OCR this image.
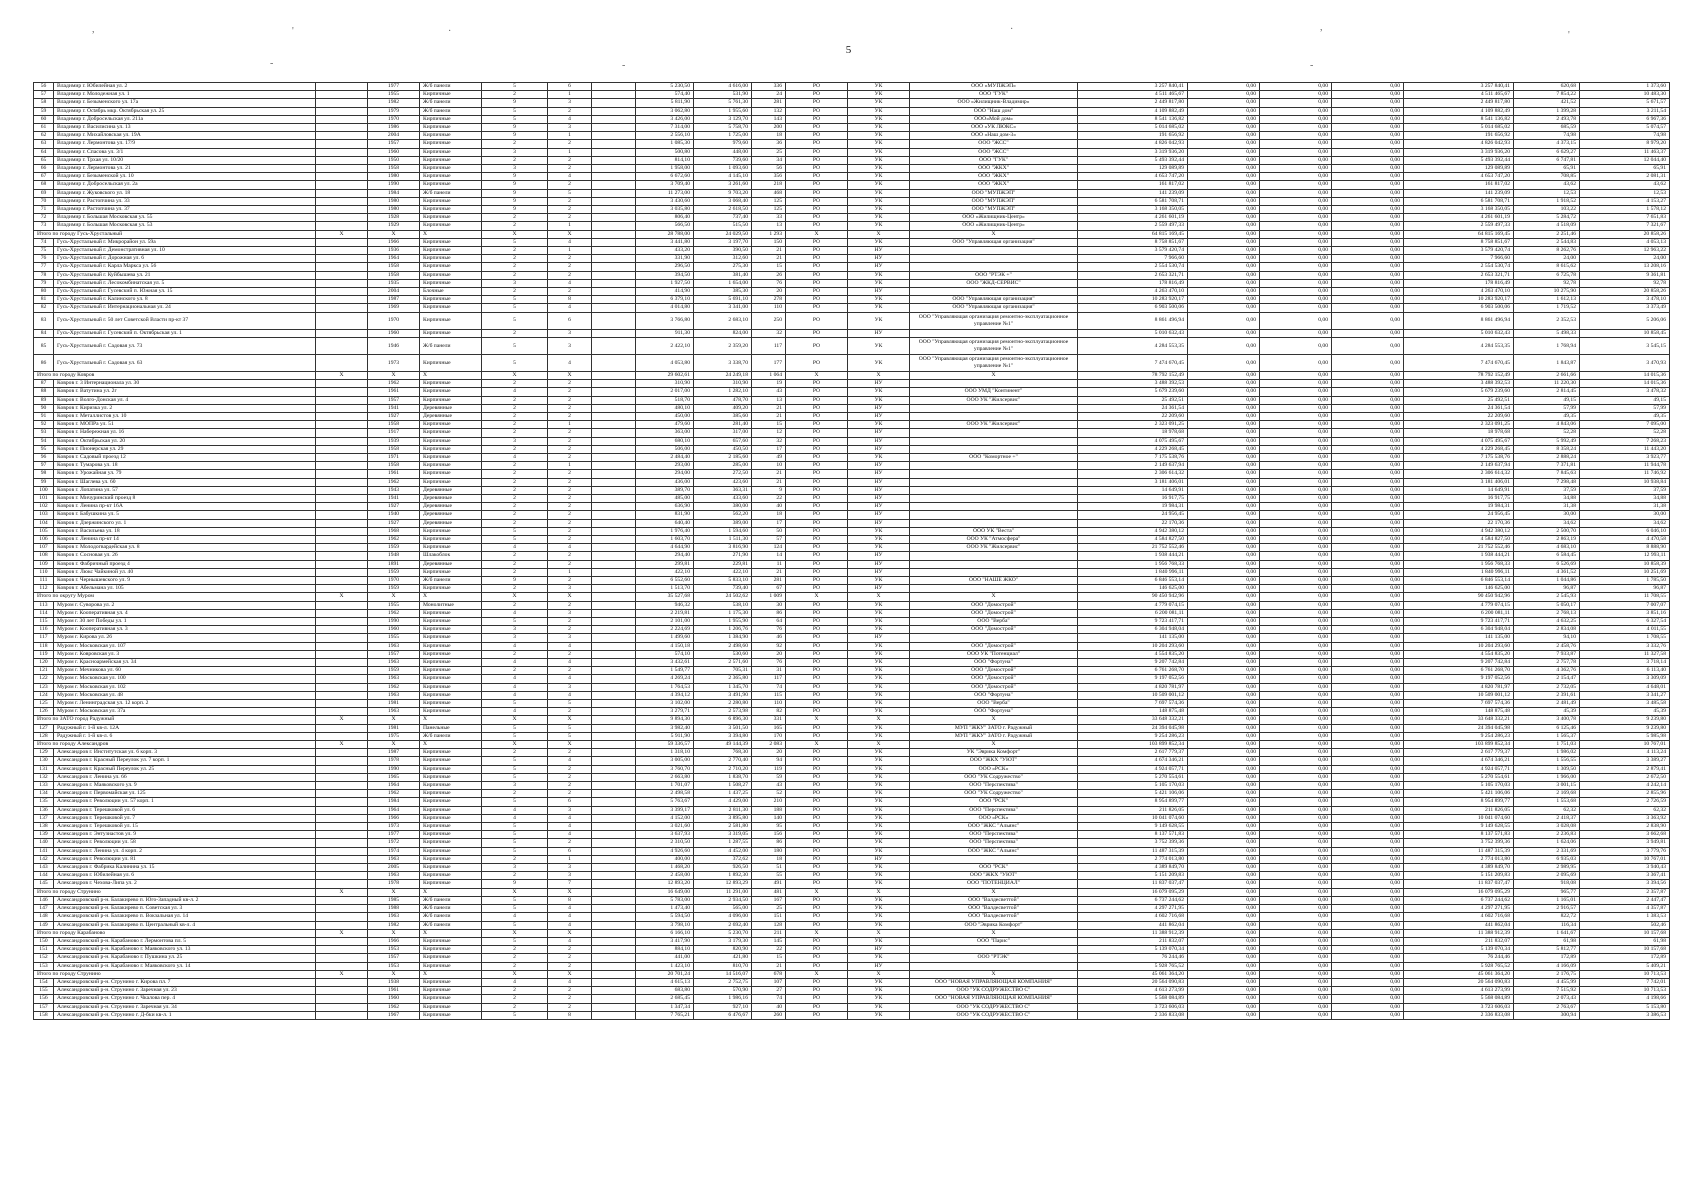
5
,	'	·	·	,
'
-	-	-
56	Владимир г. Юбилейная ул. 2		1977	Ж/б панели	5	6		5 230,50	4 616,00	336	РО	УК	ООО «МУПЖЭП»	3 257 840,41	0,00	0,00	0,00	3 257 840,41	620,68	1 373,60
57	Владимир г. Молодежная ул. 1		1955	Кирпичные	2	1		574,40	531,90	24	РО	УК	ООО "ГУК"	4 511 465,67	0,00	0,00	0,00	4 511 465,67	7 854,22	10 483,30
58	Владимир г. Безыменского ул. 17а		1982	Ж/б панели	9	3		5 811,90	5 761,30	281	РО	УК	ООО «Жилищник-Владимир»	2 449 817,80	0,00	0,00	0,00	2 449 817,80	421,52	5 671,57
59	Владимир г. Octябрь мкр. Октябрьская ул. 25		1979	Ж/б панели	5	2		3 062,80	1 955,60	132	РО	УК	ООО "Наш дом"	4 109 882,49	0,00	0,00	0,00	4 109 882,49	1 399,28	3 211,54
60	Владимир г. Добросельская ул. 211а		1970	Кирпичные	5	4		3 426,00	3 129,70	143	РО	УК	ООО«Мой дом»	8 541 136,82	0,00	0,00	0,00	8 541 136,82	2 493,78	6 967,36
61	Владимир г. Василисина ул. 13		1986	Кирпичные	9	3		7 314,00	5 758,70	200	РО	УК	ООО «УК ЛЮКС»	5 014 685,02	0,00	0,00	0,00	5 014 685,02	685,59	5 074,57
62	Владимир г. Михайловская ул. 19А		2004	Кирпичные	9	1		2 556,10	1 725,00	18	РО	УК	ООО «Наш дом-3»	191 656,92	0,00	0,00	0,00	191 656,92	74,98	74,98
63	Владимир г. Лермонтова ул. 17/9		1957	Кирпичные	2	2		1 085,30	979,60	36	РО	УК	ООО "ЖСС"	4 826 042,93	0,00	0,00	0,00	4 826 042,93	4 373,15	8 979,20
64	Владимир г. Спасова ул. 3/1		1960	Кирпичные	3	1		500,80	448,00	25	РО	УК	ООО "ЖСС"	3 319 936,20	0,00	0,00	0,00	3 319 936,20	6 629,27	11 463,37
65	Владимир г. Трхая ул. 10/20		1950	Кирпичные	2	2		814,10	739,60	34	РО	УК	ООО "ГУК"	5 493 392,44	0,00	0,00	0,00	5 493 392,44	6 747,81	12 044,40
66	Владимир г. Лермонтова ул. 21		1958	Кирпичные	3	2		1 958,00	1 093,60	56	РО	УК	ООО "ЖКХ"	129 089,89	0,00	0,00	0,00	129 089,89	65,91	65,91
67	Владимир г. Безыменской ул. 10		1980	Кирпичные	9	4		6 672,60	4 145,10	356	РО	УК	ООО "ЖКХ"	4 653 747,20	0,00	0,00	0,00	4 653 747,20	708,85	2 081,31
68	Владимир г. Добросельская ул. 2а		1990	Кирпичные	9	2		3 709,40	3 261,60	218	РО	УК	ООО "ЖКХ"	161 817,02	0,00	0,00	0,00	161 817,02	43,62	43,62
69	Владимир г. Жуковского ул. 18		1984	Ж/б панели	9	5		11 273,00	9 703,20	468	РО	УК	ООО "МУПЖЭП"	141 239,09	0,00	0,00	0,00	141 239,09	12,53	12,53
70	Владимир г. Растопчина ул. 33		1980	Кирпичные	9	2		3 430,60	3 068,40	125	РО	УК	ООО "МУПЖЭП"	6 581 708,71	0,00	0,00	0,00	6 581 708,71	1 918,52	4 153,27
71	Владимир г. Растопчина ул. 37		1980	Кирпичные	9	2		3 035,80	2 618,50	125	РО	УК	ООО "МУПЖЭП"	3 168 350,05	0,00	0,00	0,00	3 168 350,05	103,22	1 578,12
72	Владимир г. Большая Московская ул. 55		1928	Кирпичные	2	2		806,40	737,40	33	РО	УК	ООО «Жилищник-Центр»	4 261 601,19	0,00	0,00	0,00	4 261 601,19	5 284,72	7 651,83
73	Владимир г. Большая Московская ул. 53		1929	Кирпичные	2	1		566,50	515,50	13	РО	УК	ООО «Жилищник-Центр»	2 559 497,33	0,00	0,00	0,00	2 559 497,33	4 518,09	7 321,67
Итого по городу Гусь-Хрустальный		X	X	X	X	X		28 788,00	24 029,50	1 293	X	X	X	64 815 169,45	0,00	0,00	0,00	64 815 169,45	2 251,46	20 858,26
74	Гусь-Хрустальный г. Микрорайон ул. 59а		1966	Кирпичные	5	4		3 441,80	3 197,70	150	РО	УК	ООО "Управляющая организация"	8 758 851,67	0,00	0,00	0,00	8 758 851,67	2 544,83	4 053,13
75	Гусь-Хрустальный г. Демонстративная ул. 10		1936	Кирпичные	2	1		433,20	390,50	21	РО	НУ		3 579 420,74	0,00	0,00	0,00	3 579 420,74	8 262,76	12 963,22
76	Гусь-Хрустальный г. Дорожная ул. 6		1964	Кирпичные	2	2		331,90	312,60	21	РО	НУ		7 966,60	0,00	0,00	0,00	7 966,60	24,00	24,00
77	Гусь-Хрустальный г. Карла Маркса ул. 56		1958	Кирпичные	2	2		296,50	275,30	15	РО	НУ		2 554 530,74	0,00	0,00	0,00	2 554 530,74	8 615,62	13 208,16
78	Гусь-Хрустальный г. Куйбышева ул. 21		1958	Кирпичные	2	2		394,50	381,40	26	РО	УК	ООО "РТЭК +"	2 653 321,71	0,00	0,00	0,00	2 653 321,71	6 725,78	9 361,81
79	Гусь-Хрустальный г. Лесокомбинатская ул. 5		1935	Кирпичные	3	4		1 927,50	1 654,00	76	РО	УК	ООО "ЖКД-СЕРВИС"	178 816,49	0,00	0,00	0,00	178 816,49	92,78	92,78
80	Гусь-Хрустальный г. Гусевский п. Южная ул. 15		2004	Блочные	2	2		414,90	385,30	20	РО	НУ		4 263 470,10	0,00	0,00	0,00	4 263 470,10	10 275,90	20 858,26
81	Гусь-Хрустальный г. Калинского ул. 8		1987	Кирпичные	5	8		6 379,10	5 691,10	278	РО	УК	ООО "Управляющая организация"	10 283 920,17	0,00	0,00	0,00	10 283 920,17	1 612,13	3 478,10
82	Гусь-Хрустальный г. Интернациональная ул. 24		1969	Кирпичные	5	4		4 014,80	3 341,00	110	РО	УК	ООО "Управляющая организация"	6 903 500,06	0,00	0,00	0,00	6 903 500,06	1 719,52	3 373,49
83	Гусь-Хрустальный г. 50 лет Советской Власти пр-кт 37		1970	Кирпичные	5	6		3 766,80	2 683,10	250	РО	УК	ООО "Управляющая организация ремонтно-эксплуатационное управление №1"	8 861 496,94	0,00	0,00	0,00	8 861 496,94	2 352,53	5 206,06
84	Гусь-Хрустальный г. Гусевский п. Октябрьская ул. 1		1960	Кирпичные	2	3		911,30	824,00	32	РО	НУ		5 010 632,43	0,00	0,00	0,00	5 010 632,43	5 498,33	10 858,45
85	Гусь-Хрустальный г. Садовая ул. 73		1946	Ж/б панели	5	3		2 422,10	2 359,20	117	РО	УК	ООО "Управляющая организация ремонтно-эксплуатационное управление №1"	4 284 553,35	0,00	0,00	0,00	4 284 553,35	1 768,94	3 545,15
86	Гусь-Хрустальный г. Садовая ул. 63		1973	Кирпичные	5	4		4 053,80	3 338,70	177	РО	УК	ООО "Управляющая организация ремонтно-эксплуатационное управление №1"	7 474 670,45	0,00	0,00	0,00	7 474 670,45	1 843,87	3 470,93
Итого по городу Ковров		X	X	X	X	X		29 602,61	24 249,18	1 064	X	X	X	78 792 152,49	0,00	0,00	0,00	78 792 152,49	2 661,66	14 015,36
87	Ковров г. 3 Интернационала ул. 30		1962	Кирпичные	2	2		310,90	310,90	19	РО	НУ		3 488 392,53	0,00	0,00	0,00	3 488 392,53	11 220,30	14 015,36
88	Ковров г. Ватутина ул. 2г		1961	Кирпичные	4	2		2 017,00	1 282,10	43	РО	УК	ООО УМД "Континент"	5 679 239,60	0,00	0,00	0,00	5 679 239,60	2 814,45	3 478,32
89	Ковров г. Волго-Донская ул. 4		1957	Кирпичные	2	2		518,70	478,70	13	РО	УК	ООО УК "Жилсервис"	25 492,51	0,00	0,00	0,00	25 492,51	49,15	49,15
90	Ковров г. Киризка ул. 2		1941	Деревянные	2	2		480,10	409,20	21	РО	НУ		24 361,54	0,00	0,00	0,00	24 361,54	57,99	57,99
91	Ковров г. Металлистов ул. 10		1927	Деревянные	2	2		450,00	385,60	21	РО	НУ		22 209,60	0,00	0,00	0,00	22 209,60	49,35	49,35
92	Ковров г. МОПРа ул. 51		1958	Кирпичные	2	1		479,60	281,40	15	РО	УК	ООО УК "Жилсервис"	2 323 091,25	0,00	0,00	0,00	2 323 091,25	4 843,06	7 095,00
93	Ковров г. Набережная ул. 16		1917	Кирпичные	2	2		363,00	317,00	12	РО	НУ		18 978,68	0,00	0,00	0,00	18 978,68	52,28	52,28
94	Ковров г. Октябрьская ул. 20		1939	Кирпичные	3	2		680,10	657,60	32	РО	НУ		4 075 495,67	0,00	0,00	0,00	4 075 495,67	5 992,49	7 268,23
95	Ковров г. Пионерская ул. 29		1958	Кирпичные	2	2		506,00	450,50	17	РО	НУ		4 229 268,45	0,00	0,00	0,00	4 229 268,45	8 358,24	11 443,20
96	Ковров г. Садовый проезд 12		1971	Кирпичные	4	2		2 484,40	2 185,60	49	РО	УК	ООО "Комортное +"	7 175 538,76	0,00	0,00	0,00	7 175 538,76	2 888,24	3 923,77
97	Ковров г. Тумарова ул. 18		1958	Кирпичные	2	1		293,00	285,00	10	РО	НУ		2 149 637,94	0,00	0,00	0,00	2 149 637,94	7 371,81	11 944,78
98	Ковров г. Урожайная ул. 79		1961	Кирпичные	2	2		294,00	272,50	21	РО	НУ		2 306 614,32	0,00	0,00	0,00	2 306 614,32	7 845,63	11 746,92
99	Ковров г. Шаглева ул. 60		1962	Кирпичные	2	2		436,00	423,60	21	РО	НУ		3 181 406,01	0,00	0,00	0,00	3 181 406,01	7 298,48	10 938,84
100	Ковров г. Лопатина ул. 57		1943	Деревянные	2	2		389,70	363,31	9	РО	НУ		14 649,91	0,00	0,00	0,00	14 649,91	37,59	37,59
101	Ковров г. Мичуринский проезд 8		1941	Деревянные	2	2		485,00	433,60	22	РО	НУ		16 917,75	0,00	0,00	0,00	16 917,75	34,88	34,88
102	Ковров г. Ленина пр-кт 16А		1927	Деревянные	2	2		636,90	380,00	40	РО	НУ		19 984,31	0,00	0,00	0,00	19 984,31	31,38	31,38
103	Ковров г. Бабушкина ул. 5		1940	Деревянные	2	2		831,90	562,20	18	РО	НУ		24 956,45	0,00	0,00	0,00	24 956,45	30,00	30,00
104	Ковров г. Дзержинского ул. 1		1927	Деревянные	2	2		640,40	389,00	17	РО	НУ		22 170,36	0,00	0,00	0,00	22 170,36	34,62	34,62
105	Ковров г. Васильева ул. 18		1968	Кирпичные	5	2		1 976,40	1 594,60	50	РО	УК	ООО УК "Веста"	4 942 380,12	0,00	0,00	0,00	4 942 380,12	2 500,70	6 046,10
106	Ковров г. Ленина пр-кт 14		1962	Кирпичные	5	2		1 603,70	1 511,30	57	РО	УК	ООО УК "Атмосфера"	4 584 827,50	0,00	0,00	0,00	4 584 827,50	2 863,19	4 470,58
107	Ковров г. Молодогвардейская ул. 8		1959	Кирпичные	4	4		4 644,90	3 816,90	124	РО	УК	ООО УК "Жилсервис"	21 752 552,46	0,00	0,00	0,00	21 752 552,46	4 683,10	8 888,90
108	Ковров г. Сосновая ул. 26		1948	Шлакоблок	2	2		294,40	271,90	14	РО	НУ		1 938 444,21	0,00	0,00	0,00	1 938 444,21	6 584,45	12 993,11
109	Ковров г. Фабричный проезд 4		1891	Деревянные	2	2		299,81	229,81	11	РО	НУ		1 956 768,33	0,00	0,00	0,00	1 956 768,33	6 526,69	10 858,39
110	Ковров г. Люкс Чайкиной ул. 40		1959	Кирпичные	2	1		422,10	422,10	21	РО	НУ		1 840 996,11	0,00	0,00	0,00	1 840 996,11	4 361,52	10 251,69
111	Ковров г. Чернышевского ул. 9		1970	Ж/б панели	9	2		6 552,60	5 833,10	281	РО	УК	ООО "НАШЕ ЖКО"	6 846 553,14	0,00	0,00	0,00	6 846 553,14	1 044,86	1 785,50
112	Ковров г. Абельмана ул. 105		1959	Кирпичные	2	3		1 513,70	739,40	67	РО	НУ		146 625,00	0,00	0,00	0,00	146 625,00	96,87	96,87
Итого по округу Муром		X	X	X	X	X		35 527,68	24 502,62	1 009	X	X	X	90 450 942,96	0,00	0,00	0,00	90 450 942,96	2 545,93	11 708,55
113	Муром г. Суворова ул. 2		1955	Монолитные	2	2		946,32	538,10	30	РО	УК	ООО "Домострой"	4 779 074,15	0,00	0,00	0,00	4 779 074,15	5 050,17	7 007,07
114	Муром г. Кооперативная ул. 4		1962	Кирпичные	4	3		2 219,81	1 175,30	86	РО	УК	ООО "Домострой"	6 200 081,11	0,00	0,00	0,00	6 200 081,11	2 768,13	3 851,16
115	Муром г. 30 лет Победы ул. 1		1990	Кирпичные	5	2		2 101,00	1 955,90	64	РО	УК	ООО "Верба"	9 723 417,71	0,00	0,00	0,00	9 723 417,71	4 632,25	6 327,54
116	Муром г. Кооперативная ул. 3		1960	Кирпичные	3	2		2 224,69	1 206,76	76	РО	УК	ООО "Домострой"	6 304 948,04	0,00	0,00	0,00	6 304 948,04	2 834,08	4 011,55
117	Муром г. Кирова ул. 26		1955	Кирпичные	3	3		1 499,60	1 384,90	46	РО	НУ		141 135,00	0,00	0,00	0,00	141 135,00	94,10	1 708,55
118	Муром г. Московская ул. 107		1963	Кирпичные	4	4		4 150,18	2 498,60	92	РО	УК	ООО "Домострой"	10 204 293,60	0,00	0,00	0,00	10 204 293,60	2 458,76	3 332,76
119	Муром г. Ковровская ул. 3		1957	Кирпичные	2	2		574,10	530,60	20	РО	УК	ООО УК "Потенциал"	4 554 835,20	0,00	0,00	0,00	4 554 835,20	7 933,87	11 327,58
120	Муром г. Красноармейская ул. 34		1963	Кирпичные	4	4		3 432,61	2 571,60	76	РО	УК	ООО "Фортуна"	9 207 742,84	0,00	0,00	0,00	9 207 742,84	2 757,78	3 718,14
121	Муром г. Мечникова ул. 60		1959	Кирпичные	2	2		1 549,77	705,31	31	РО	УК	ООО "Домострой"	6 761 268,70	0,00	0,00	0,00	6 761 268,70	4 362,76	6 113,40
122	Муром г. Московская ул. 100		1963	Кирпичные	4	4		4 269,24	2 365,80	117	РО	УК	ООО "Домострой"	9 197 052,56	0,00	0,00	0,00	9 197 052,56	2 154,47	3 309,09
123	Муром г. Московская ул. 102		1962	Кирпичные	4	3		1 764,53	1 345,70	74	РО	УК	ООО "Домострой"	4 820 781,97	0,00	0,00	0,00	4 820 781,97	2 732,05	4 648,01
124	Муром г. Московская ул. 48		1963	Кирпичные	4	4		4 394,12	3 491,90	115	РО	УК	ООО "Фортуна"	10 509 001,12	0,00	0,00	0,00	10 509 001,12	2 391,61	3 341,27
125	Муром г. Ленинградская ул. 12 корп. 2		1981	Кирпичные	5	5		3 102,00	2 280,80	110	РО	УК	ООО "Верба"	7 697 574,36	0,00	0,00	0,00	7 697 574,36	2 481,49	3 485,58
126	Муром г. Московская ул. 37а		1963	Кирпичные	4	2		3 279,71	2 573,98	82	РО	УК	ООО "Фортуна"	148 875,48	0,00	0,00	0,00	148 875,48	45,39	45,39
Итого по ЗАТО город Радужный		X	X	X	X	X		9 894,30	6 896,30	331	X	X	X	33 648 332,21	0,00	0,00	0,00	33 648 332,21	3 400,78	9 239,80
127	Радужный г. 1-й кв-л. 12А		1981	Панельные	5	5		3 982,40	3 501,50	165	РО	УК	МУП "ЖКУ" ЗАТО г. Радужный	24 394 045,98	0,00	0,00	0,00	24 394 045,98	6 125,46	9 239,80
128	Радужный г. 1-й кв-л. 6		1975	Ж/б панели	5	5		5 911,90	3 394,80	170	РО	УК	МУП "ЖКУ" ЗАТО г. Радужный	9 254 286,23	0,00	0,00	0,00	9 254 286,23	1 565,37	5 985,98
Итого по городу Александров		X	X	X	X	X		59 336,57	49 144,39	2 083	X	X	X	103 899 852,34	0,00	0,00	0,00	103 899 852,34	1 751,03	10 767,01
129	Александров г. Институтская ул. 6 корп. 3		1987	Кирпичные	2	2		1 318,10	768,30	20	РО	УК	УК "Эврика Комфорт"	2 617 779,37	0,00	0,00	0,00	2 617 779,37	1 986,02	4 113,24
130	Александров г. Красный Переулок ул. 7 корп. 1		1978	Кирпичные	5	4		3 005,00	2 770,40	94	РО	УК	ООО "ЖКХ "УЮТ"	4 674 346,21	0,00	0,00	0,00	4 674 346,21	1 556,55	3 389,27
131	Александров г. Красный Переулок ул. 25		1990	Кирпичные	5	2		3 760,70	2 710,20	119	РО	УК	ООО «РСК»	4 924 057,71	0,00	0,00	0,00	4 924 057,71	1 309,50	2 879,41
132	Александров г. Ленина ул. 66		1965	Кирпичные	5	2		2 663,80	1 838,70	59	РО	УК	ООО "УК Содружество"	5 270 554,61	0,00	0,00	0,00	5 270 554,61	1 966,00	2 672,50
133	Александров г. Маяковского ул. 9		1964	Кирпичные	3	2		1 701,07	1 508,27	43	РО	УК	ООО "Перспектива"	5 105 170,03	0,00	0,00	0,00	5 105 170,03	3 001,15	4 242,14
134	Александров г. Первомайская ул. 125		1962	Кирпичные	2	2		2 498,58	1 437,25	52	РО	УК	ООО "УК Содружество"	5 421 106,06	0,00	0,00	0,00	5 421 106,06	2 169,68	2 855,96
135	Александров г. Революции ул. 57 корп. 1		1984	Кирпичные	5	6		5 763,67	4 429,00	210	РО	УК	ООО "РСК"	8 954 899,77	0,00	0,00	0,00	8 954 899,77	1 553,68	2 726,59
136	Александров г. Терешковой ул. 6		1964	Кирпичные	4	3		3 399,17	2 811,30	188	РО	УК	ООО "Перспектива"	211 826,05	0,00	0,00	0,00	211 826,05	62,32	62,32
137	Александров г. Терешковой ул. 7		1966	Кирпичные	4	4		4 152,00	3 895,80	140	РО	УК	ООО «РСК»	10 041 074,60	0,00	0,00	0,00	10 041 074,60	2 418,37	3 363,92
138	Александров г. Терешковой ул. 15		1973	Кирпичные	5	4		3 021,60	2 581,80	95	РО	УК	ООО "ЖКС "Альянс"	9 149 628,55	0,00	0,00	0,00	9 149 628,55	3 028,08	2 838,90
139	Александров г. Энтузиастов ул. 9		1977	Кирпичные	5	4		3 637,93	3 319,05	156	РО	УК	ООО "Перспектива"	8 137 571,83	0,00	0,00	0,00	8 137 571,83	2 236,83	3 662,68
140	Александров г. Революции ул. 58		1972	Кирпичные	5	2		2 310,50	1 287,55	86	РО	УК	ООО "Перспектива"	3 752 399,36	0,00	0,00	0,00	3 752 399,36	1 624,06	3 949,81
141	Александров г. Ленина ул. 4 корп. 2		1974	Кирпичные	5	6		4 926,60	4 452,00	180	РО	УК	ООО "ЖКС "Альянс"	11 487 315,39	0,00	0,00	0,00	11 487 315,39	2 331,69	3 779,76
142	Александров г. Революции ул. 81		1963	Кирпичные	2	1		400,00	372,62	18	РО	НУ		2 774 013,80	0,00	0,00	0,00	2 774 013,80	6 935,03	10 767,01
143	Александров г. Фабрика Калинина ул. 15		2005	Кирпичные	3	3		1 468,20	926,50	51	РО	УК	ООО "РСК"	4 389 849,70	0,00	0,00	0,00	4 389 849,70	2 989,95	3 940,43
144	Александров г. Юбилейная ул. 6		1963	Кирпичные	2	3		2 458,00	1 892,30	55	РО	УК	ООО "ЖКХ "УЮТ"	5 151 209,83	0,00	0,00	0,00	5 151 209,83	2 095,69	3 367,41
145	Александров г. Чехова-Липа ул. 2		1978	Кирпичные	9	7		12 893,20	12 893,29	491	РО	УК	ООО "ПОТЕНЦИАЛ"	11 837 037,47	0,00	0,00	0,00	11 837 037,47	918,08	3 394,56
Итого по городу Струнино		X	X	X	X	X		16 649,00	11 291,00	481	X	X	X	16 079 095,29	0,00	0,00	0,00	16 079 095,29	965,77	2 357,87
146	Александровский р-н. Балакирево п. Юго-Западный кв-л. 2		1985	Ж/б панели	5	8		5 783,00	2 934,50	167	РО	УК	ООО "Валдесветтой"	6 737 244,62	0,00	0,00	0,00	6 737 244,62	1 165,01	2 447,47
147	Александровский р-н. Балакирево п. Советская ул. 3		1988	Ж/б панели	5	4		1 473,40	565,00	25	РО	УК	ООО "Валдесветтой"	4 297 271,95	0,00	0,00	0,00	4 297 271,95	2 916,57	4 357,87
148	Александровский р-н. Балакирево п. Вокзальная ул. 14		1963	Ж/б панели	4	4		5 594,50	4 096,00	151	РО	УК	ООО "Валдесветтой"	4 602 716,68	0,00	0,00	0,00	4 602 716,68	822,72	1 383,53
149	Александровский р-н. Балакирево п. Центральный кв-л. 4		1982	Ж/б панели	5	4		3 798,10	2 692,40	128	РО	УК	ООО "Эврика Комфорт"	441 862,04	0,00	0,00	0,00	441 862,04	116,34	502,46
Итого по городу Карабаново		X	X	X	X	X		6 166,10	5 230,70	211	X	X	X	11 388 912,39	0,00	0,00	0,00	11 388 912,39	1 641,67	10 157,68
150	Александровский р-н. Карабаново г. Лермонтова пл. 5		1966	Кирпичные	5	4		3 417,90	3 179,30	145	РО	УК	ООО "Парис"	211 832,07	0,00	0,00	0,00	211 832,07	61,98	61,98
151	Александровский р-н. Карабаново г. Маяковского ул. 13		1953	Кирпичные	2	2		884,10	820,90	22	РО	НУ		5 139 070,34	0,00	0,00	0,00	5 139 070,34	5 812,77	10 157,68
152	Александровский р-н. Карабаново г. Пушкина ул. 25		1957	Кирпичные	2	2		441,00	421,80	15	РО	УК	ООО "РТЭК"	76 244,46	0,00	0,00	0,00	76 244,46	172,89	172,89
153	Александровский р-н. Карабаново г. Маяковского ул. 14		1953	Кирпичные	2	2		1 423,10	810,70	21	РО	НУ		5 928 765,52	0,00	0,00	0,00	5 928 765,52	4 166,09	5 409,21
Итого по городу Струнино		X	X	X	X	X		20 701,24	14 516,07	678	X	X	X	45 061 364,20	0,00	0,00	0,00	45 061 364,20	2 176,75	10 713,53
154	Александровский р-н. Струнино г. Кирова пл. 7		1938	Кирпичные	4	4		4 615,13	2 752,75	107	РО	УК	ООО "НОВАЯ УПРАВЛЯЮЩАЯ КОМПАНИЯ"	20 564 090,83	0,00	0,00	0,00	20 564 090,83	4 455,99	7 742,01
155	Александровский р-н. Струнино г. Заречная ул. 23		1961	Кирпичные	2	2		683,80	570,90	27	РО	УК	ООО "УК СОДРУЖЕСТВО С"	4 613 273,99	0,00	0,00	0,00	4 613 273,99	7 515,92	10 713,53
156	Александровский р-н. Струнино г. Чкалова пер. 4		1960	Кирпичные	2	2		2 685,45	1 986,16	74	РО	УК	ООО "НОВАЯ УПРАВЛЯЮЩАЯ КОМПАНИЯ"	5 568 084,89	0,00	0,00	0,00	5 568 084,89	2 073,43	4 198,66
157	Александровский р-н. Струнино г. Заречная ул. 34		1962	Кирпичные	2	2		1 347,34	927,10	40	РО	УК	ООО "УК СОДРУЖЕСТВО С"	3 723 606,03	0,00	0,00	0,00	3 723 606,03	2 763,67	5 153,80
158	Александровский р-н. Струнино г. Д-бки кв-л. 1		1967	Кирпичные	5	8		7 765,21	6 476,67	260	РО	УК	ООО "УК СОДРУЖЕСТВО С"	2 336 833,08	0,00	0,00	0,00	2 336 833,08	300,94	3 386,53
